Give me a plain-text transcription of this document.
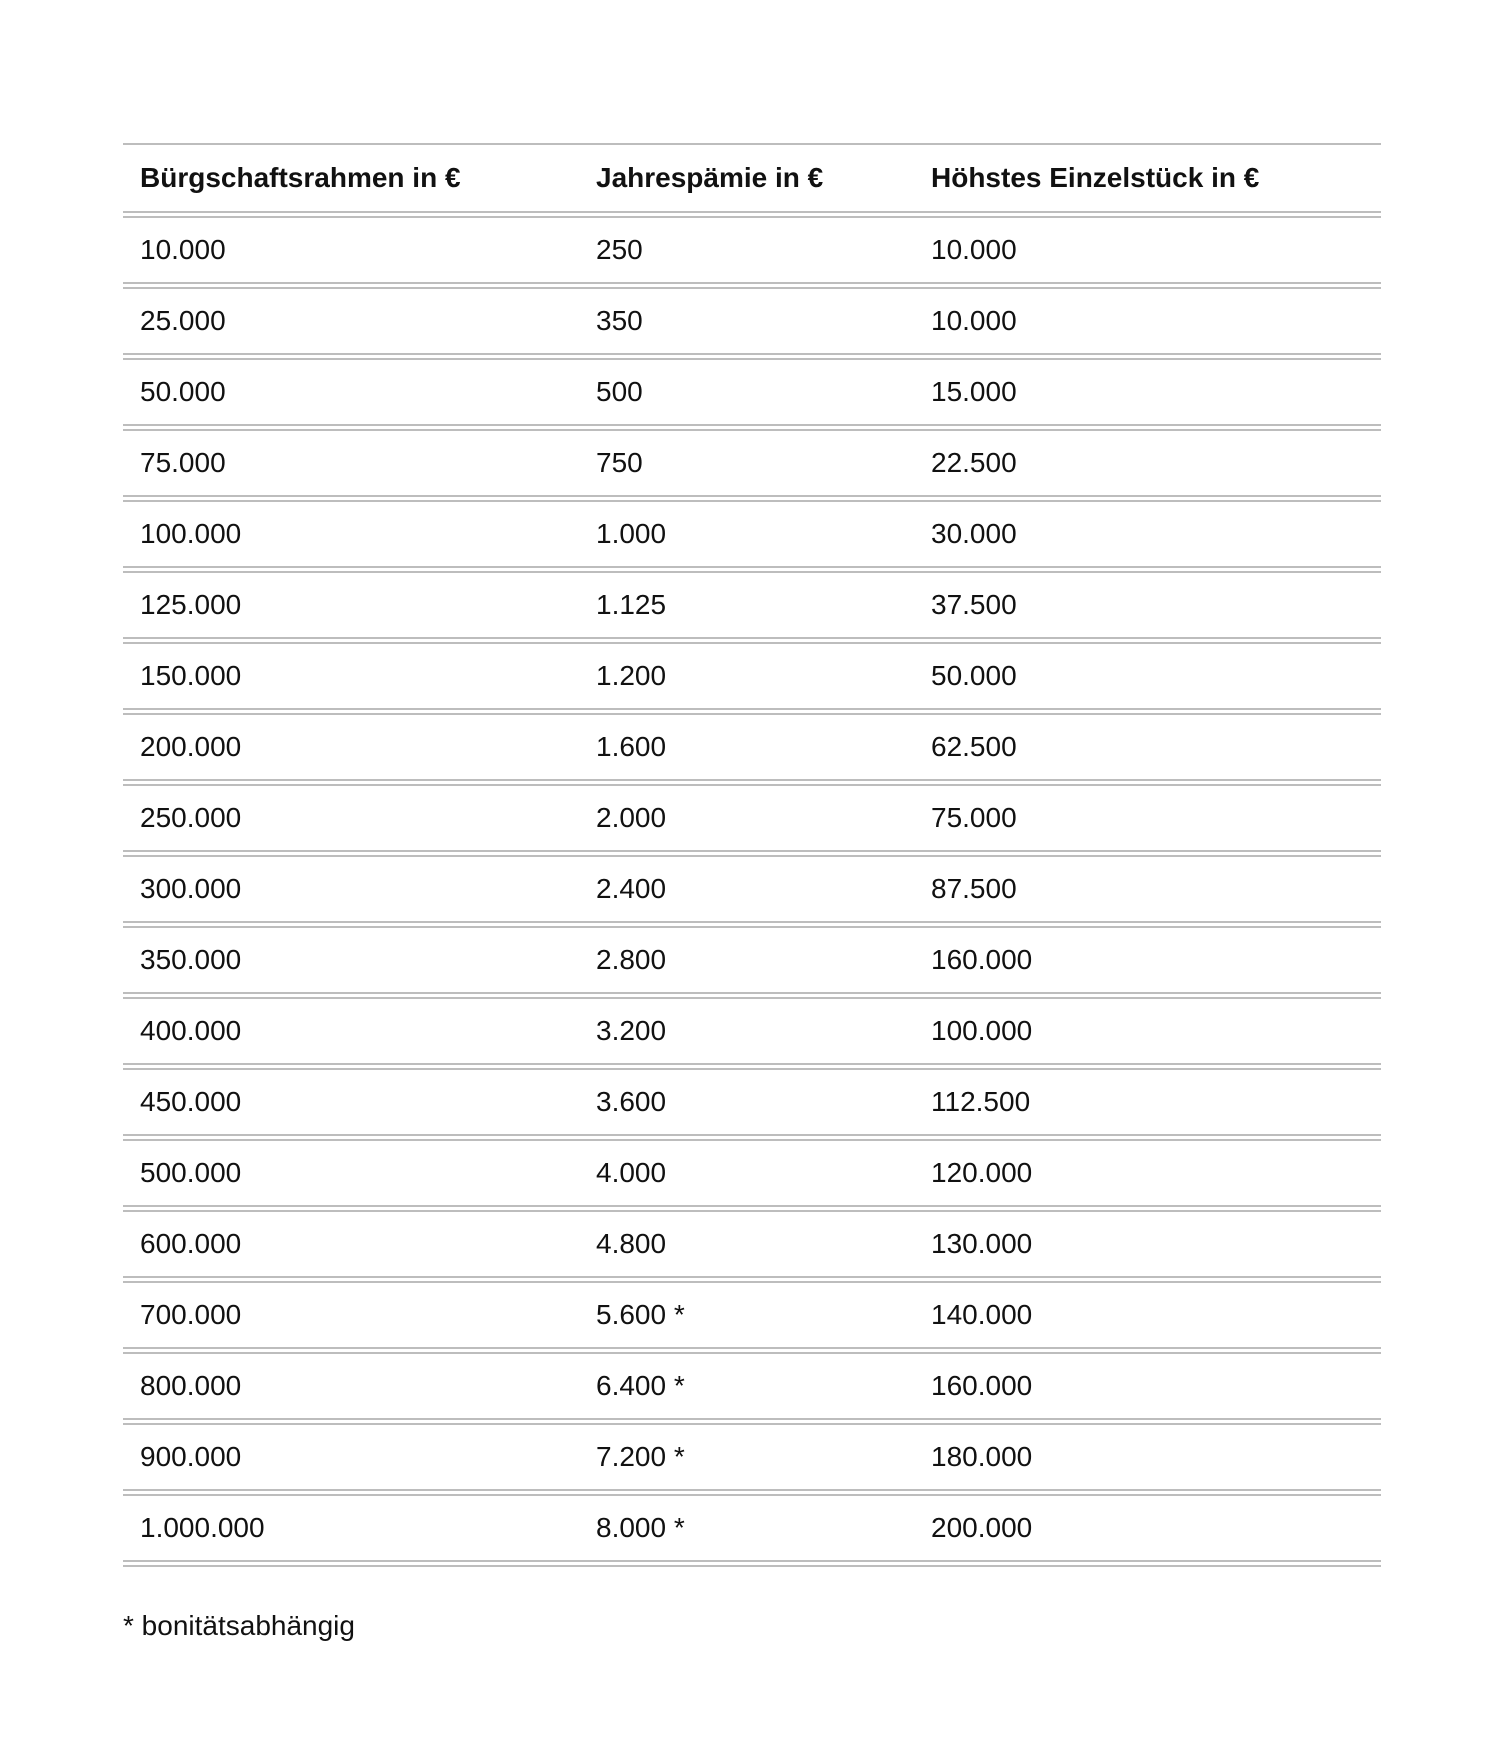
Bürgschaftsrahmen in €	Jahrespämie in €	Höhstes Einzelstück in €
10.000	250	10.000
25.000	350	10.000
50.000	500	15.000
75.000	750	22.500
100.000	1.000	30.000
125.000	1.125	37.500
150.000	1.200	50.000
200.000	1.600	62.500
250.000	2.000	75.000
300.000	2.400	87.500
350.000	2.800	160.000
400.000	3.200	100.000
450.000	3.600	112.500
500.000	4.000	120.000
600.000	4.800	130.000
700.000	5.600 *	140.000
800.000	6.400 *	160.000
900.000	7.200 *	180.000
1.000.000	8.000 *	200.000
* bonitätsabhängig
